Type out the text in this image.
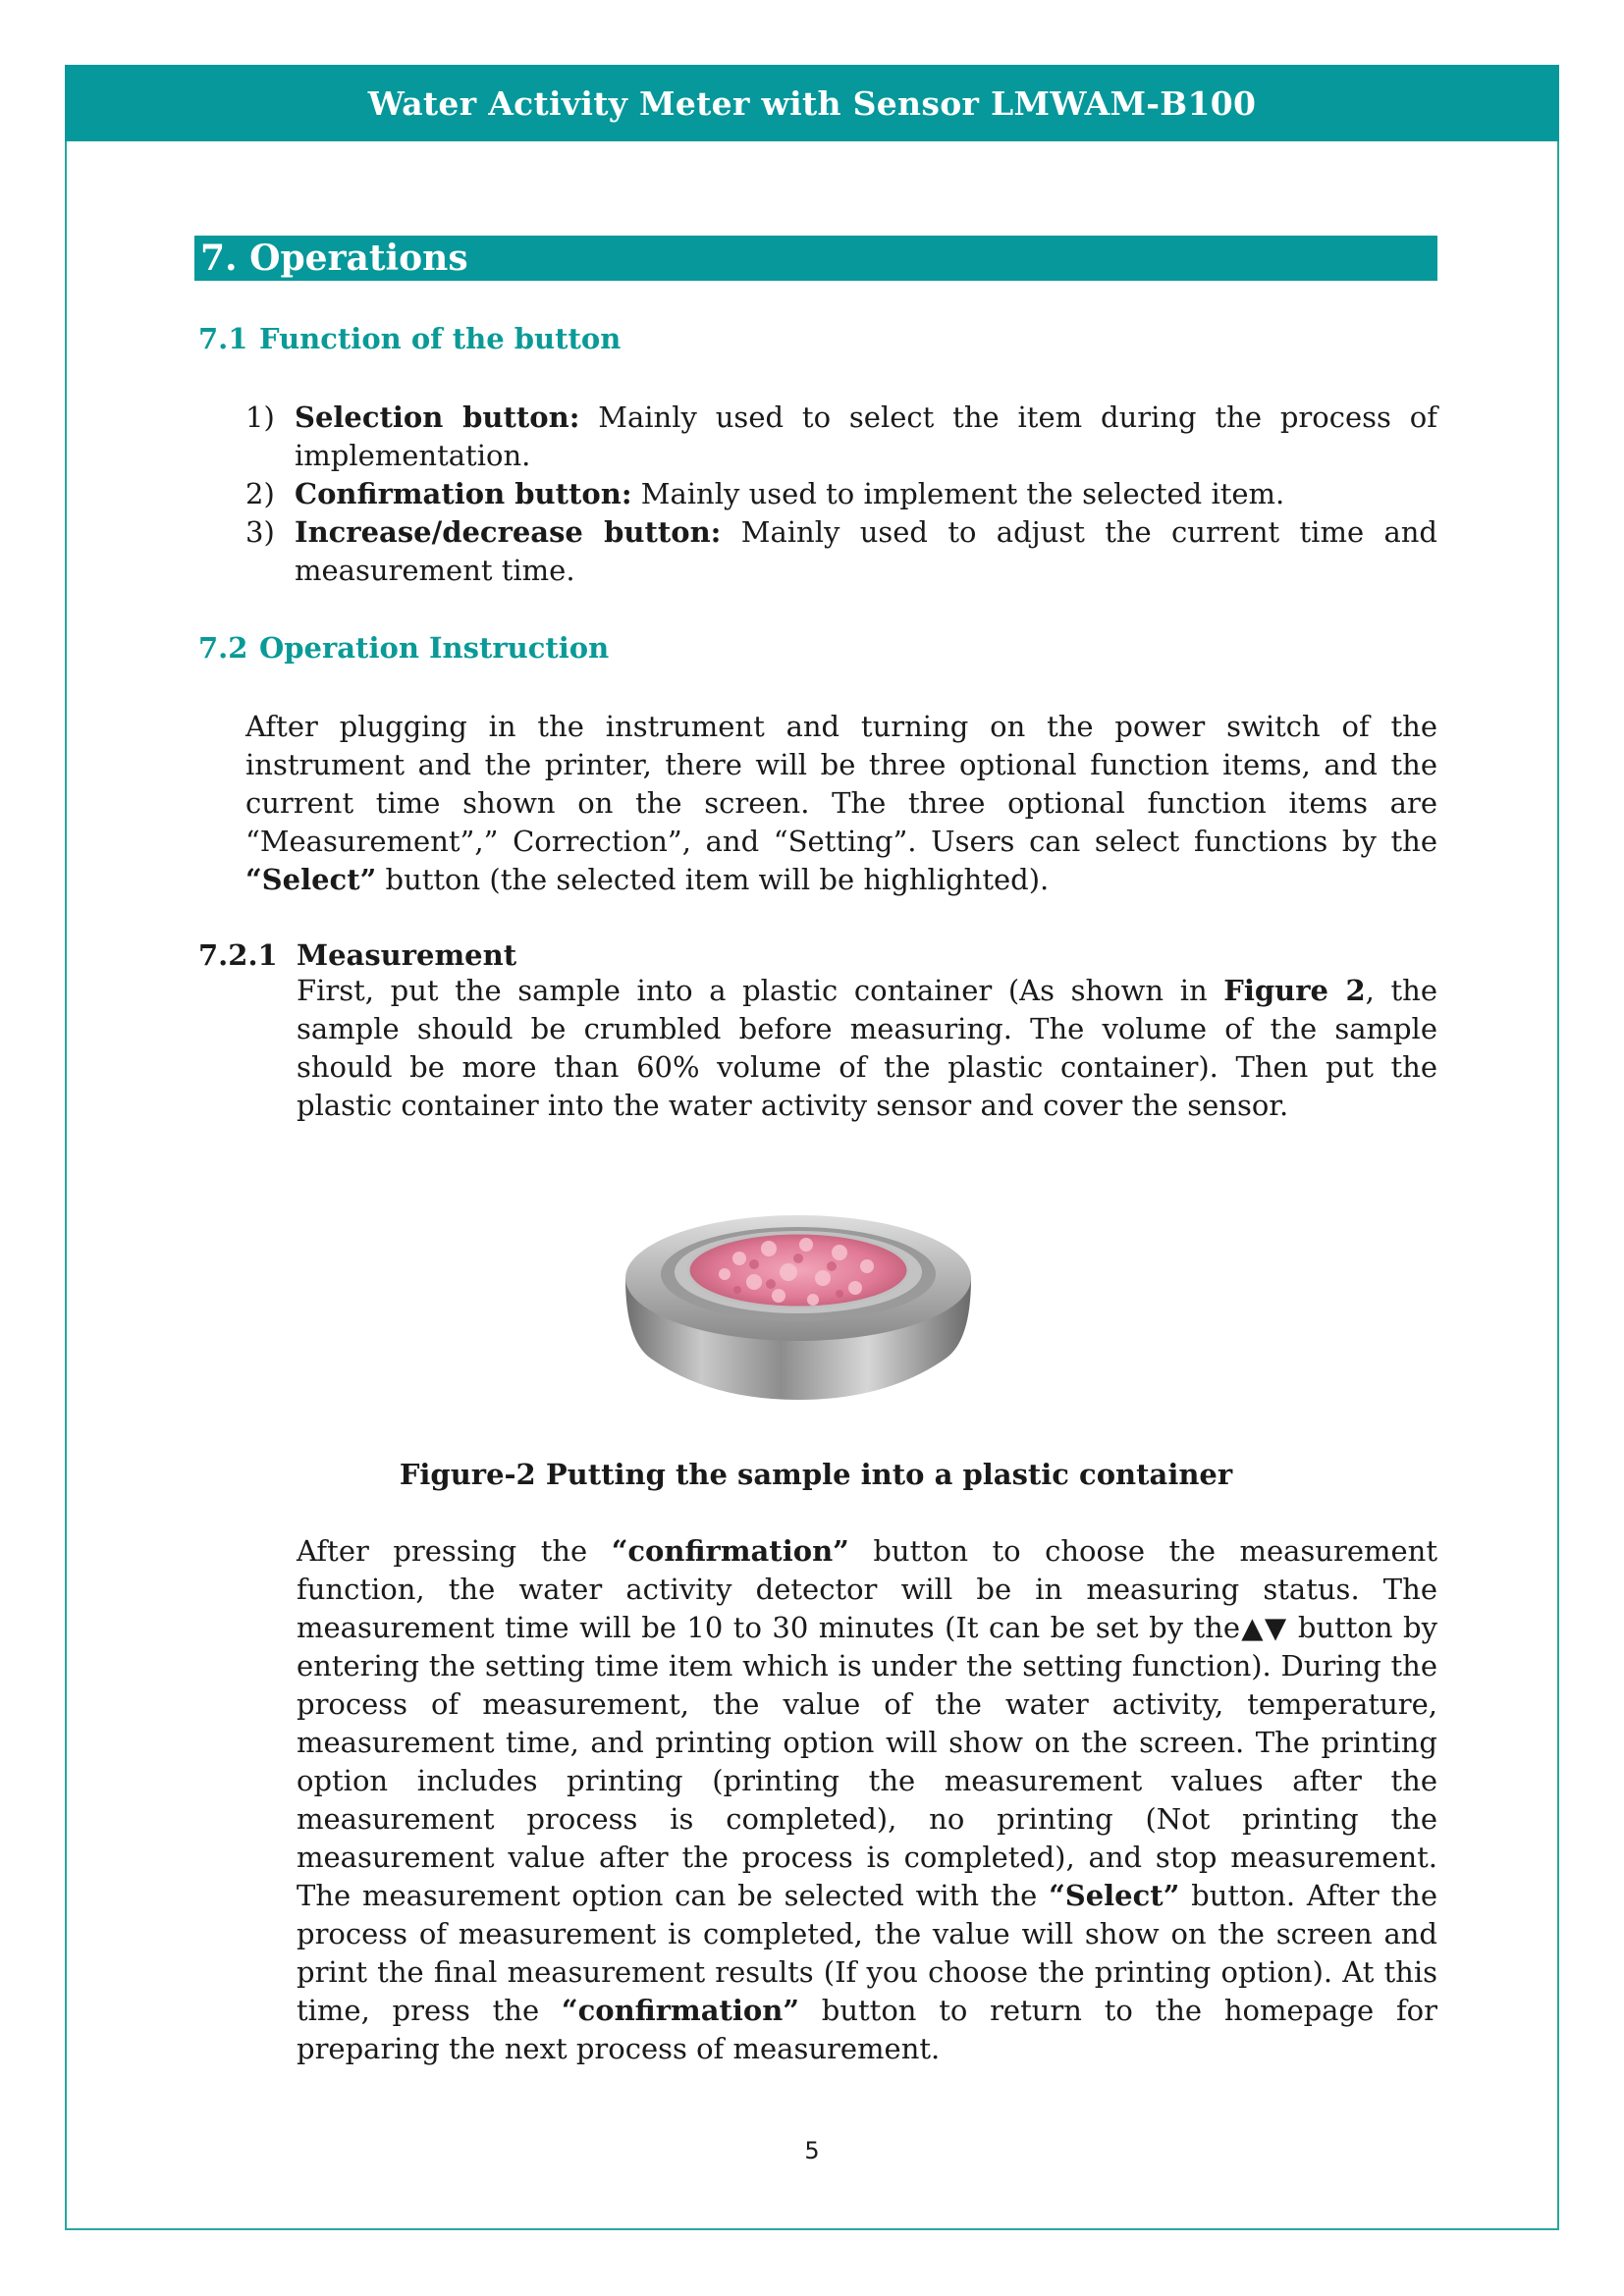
Water Activity Meter with Sensor LMWAM-B100
7. Operations
7.1 Function of the button
1) Selection button: Mainly used to select the item during the process of implementation.
2) Confirmation button: Mainly used to implement the selected item.
3) Increase/decrease button: Mainly used to adjust the current time and measurement time.
7.2 Operation Instruction
After plugging in the instrument and turning on the power switch of the instrument and the printer, there will be three optional function items, and the current time shown on the screen. The three optional function items are “Measurement”,” Correction”, and “Setting”. Users can select functions by the “Select” button (the selected item will be highlighted).
7.2.1 Measurement
First, put the sample into a plastic container (As shown in Figure 2, the sample should be crumbled before measuring. The volume of the sample should be more than 60% volume of the plastic container). Then put the plastic container into the water activity sensor and cover the sensor.
Figure-2 Putting the sample into a plastic container
After pressing the “confirmation” button to choose the measurement function, the water activity detector will be in measuring status. The measurement time will be 10 to 30 minutes (It can be set by the▲▼ button by entering the setting time item which is under the setting function). During the process of measurement, the value of the water activity, temperature, measurement time, and printing option will show on the screen. The printing option includes printing (printing the measurement values after the measurement process is completed), no printing (Not printing the measurement value after the process is completed), and stop measurement. The measurement option can be selected with the “Select” button. After the process of measurement is completed, the value will show on the screen and print the final measurement results (If you choose the printing option). At this time, press the “confirmation” button to return to the homepage for preparing the next process of measurement.
5
